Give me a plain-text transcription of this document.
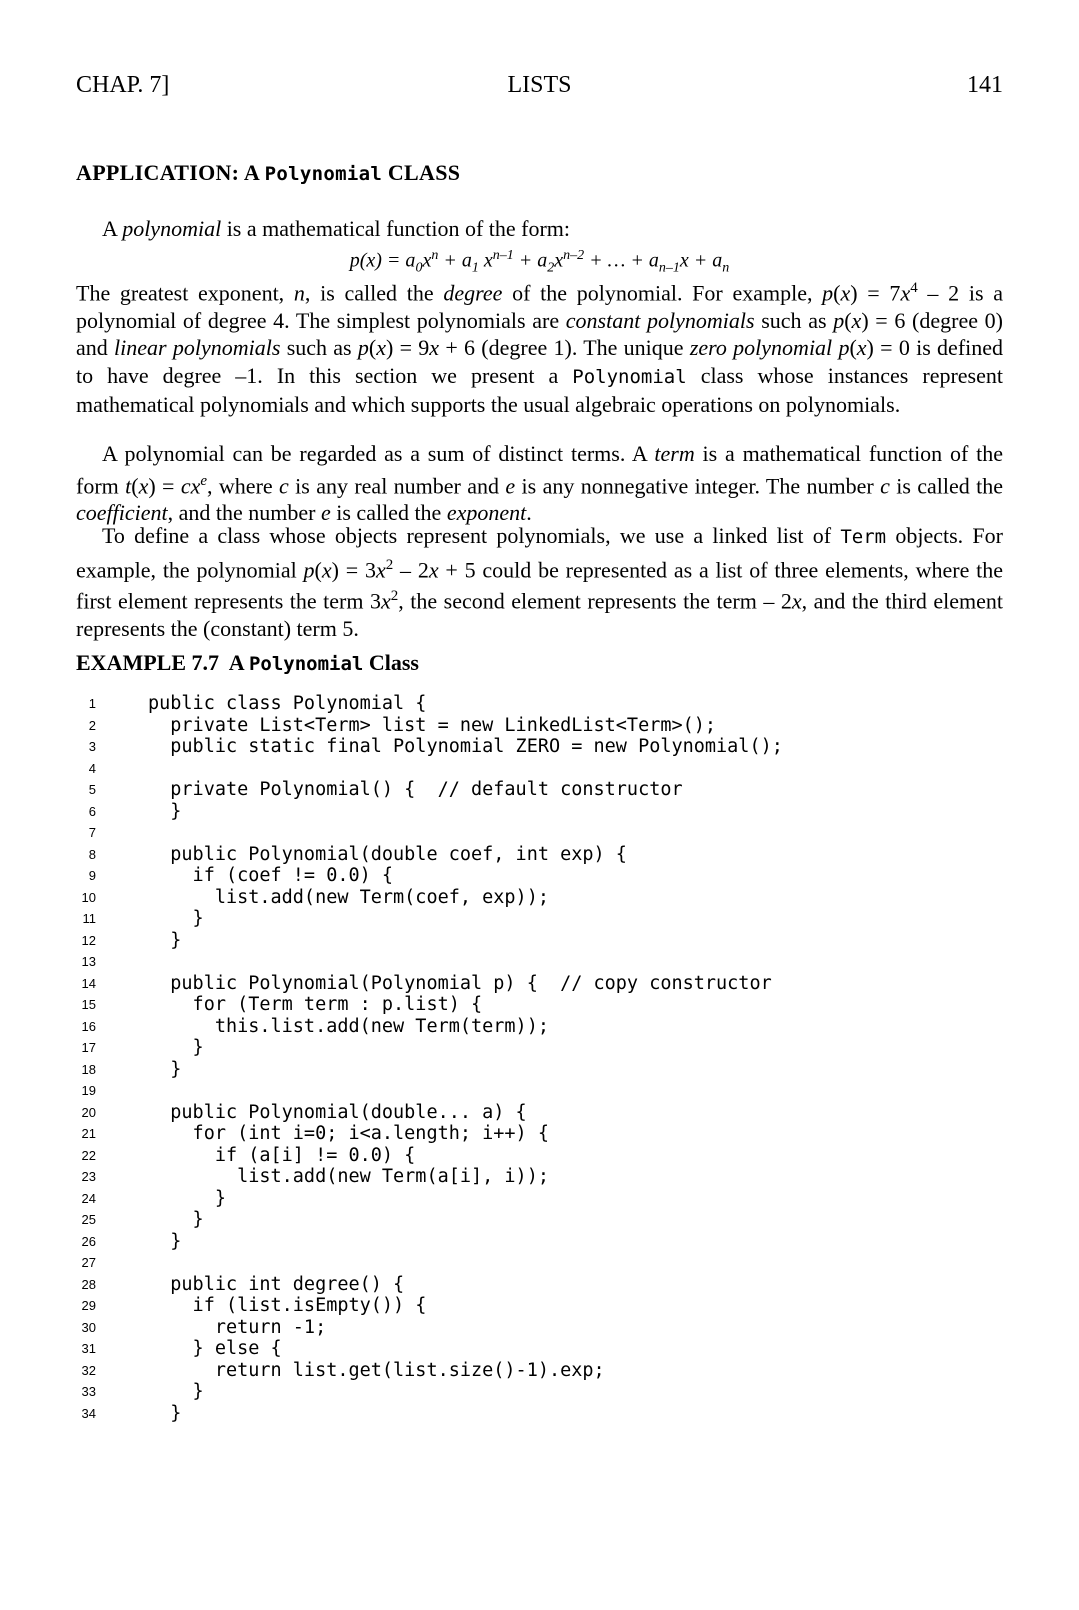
CHAP. 7]	LISTS	141
APPLICATION: A Polynomial CLASS
A polynomial is a mathematical function of the form:
$p(x) = a_0x^n + a_1$ $x^{n-1} + a_2x^{n-2}$ + … + $a_{n-1}x + a_n$
The greatest exponent, n, is called the degree of the polynomial. For example, $p(x) = 7x^4 - 2$ is a polynomial of degree 4. The simplest polynomials are constant polynomials such as p(x) = 6 (degree 0) and linear polynomials such as p(x) = 9x + 6 (degree 1). The unique zero polynomial p(x) = 0 is defined to have degree –1. In this section we present a Polynomial class whose instances represent mathematical polynomials and which supports the usual algebraic operations on polynomials.
A polynomial can be regarded as a sum of distinct terms. A term is a mathematical function of the form $t(x) = cx^e$, where c is any real number and e is any nonnegative integer. The number c is called the coefficient, and the number e is called the exponent.
To define a class whose objects represent polynomials, we use a linked list of Term objects. For example, the polynomial $p(x) = 3x^2 - 2x + 5$ could be represented as a list of three elements, where the first element represents the term $3x^2$, the second element represents the term – 2x, and the third element represents the (constant) term 5.
EXAMPLE 7.7  A Polynomial Class
1	public class Polynomial {
2	private List<Term> list = new LinkedList<Term>();
3	public static final Polynomial ZERO = new Polynomial();
4
5	private Polynomial() {  // default constructor
6	}
7
8	public Polynomial(double coef, int exp) {
9	if (coef != 0.0) {
10	list.add(new Term(coef, exp));
11	}
12	}
13
14	public Polynomial(Polynomial p) {  // copy constructor
15	for (Term term : p.list) {
16	this.list.add(new Term(term));
17	}
18	}
19
20	public Polynomial(double... a) {
21	for (int i=0; i<a.length; i++) {
22	if (a[i] != 0.0) {
23	list.add(new Term(a[i], i));
24	}
25	}
26	}
27
28	public int degree() {
29	if (list.isEmpty()) {
30	return -1;
31	} else {
32	return list.get(list.size()-1).exp;
33	}
34	}
